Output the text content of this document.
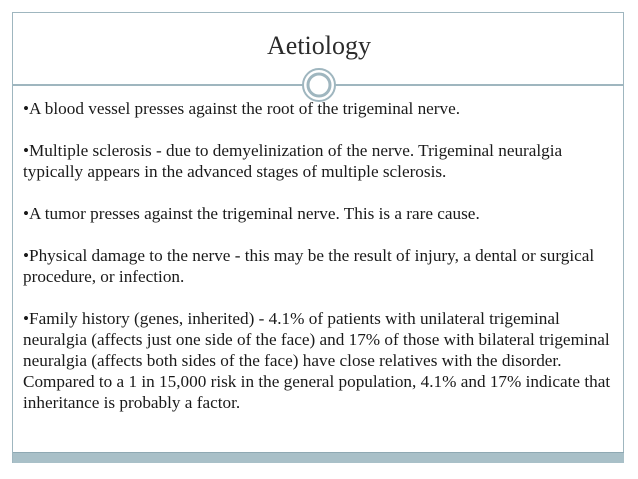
Aetiology

•A blood vessel presses against the root of the trigeminal nerve.

•Multiple sclerosis - due to demyelinization of the nerve. Trigeminal neuralgia typically appears in the advanced stages of multiple sclerosis.

•A tumor presses against the trigeminal nerve. This is a rare cause.

•Physical damage to the nerve - this may be the result of injury, a dental or surgical procedure, or infection.

•Family history (genes, inherited) - 4.1% of patients with unilateral trigeminal neuralgia (affects just one side of the face) and 17% of those with bilateral trigeminal neuralgia (affects both sides of the face) have close relatives with the disorder. Compared to a 1 in 15,000 risk in the general population, 4.1% and 17% indicate that inheritance is probably a factor.
